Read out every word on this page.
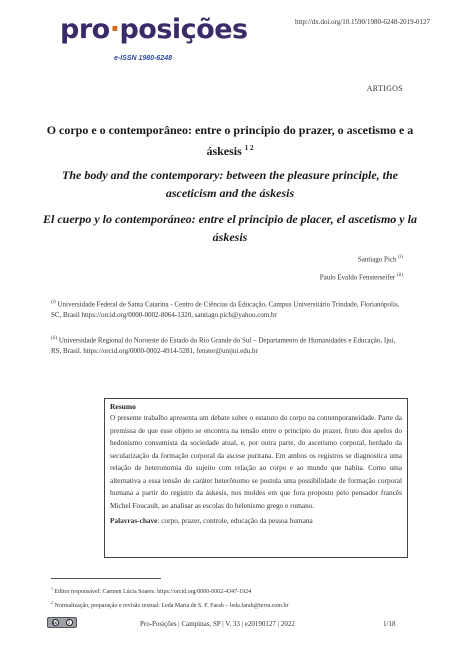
pro·posições
e-ISSN 1980-6248
http://dx.doi.org/10.1590/1980-6248-2019-0127
ARTIGOS
O corpo e o contemporâneo: entre o princípio do prazer, o ascetismo e a áskesis $^{1 2}$
The body and the contemporary: between the pleasure principle, the asceticism and the áskesis
El cuerpo y lo contemporáneo: entre el principio de placer, el ascetismo y la áskesis
Santiago Pich $^{(i)}$
Paulo Evaldo Fensterseifer $^{(ii)}$
$^{(i)}$ Universidade Federal de Santa Catarina - Centro de Ciências da Educação, Campus Universitário Trindade, Florianópolis, SC, Brasil https://orcid.org/0000-0002-8064-1320, santiago.pich@yahoo.com.br
$^{(ii)}$ Universidade Regional do Noroeste do Estado do Rio Grande do Sul – Departamento de Humanidades e Educação, Ijuí, RS, Brasil. https://orcid.org/0000-0002-4914-5281, fenster@unijui.edu.br
Resumo
O presente trabalho apresenta um debate sobre o estatuto do corpo na contemporaneidade. Parte da premissa de que esse objeto se encontra na tensão entre o princípio do prazer, fruto dos apelos do hedonismo consumista da sociedade atual, e, por outra parte, do ascetismo corporal, herdado da secularização da formação corporal da ascese puritana. Em ambos os registros se diagnostica uma relação de heteronomia do sujeito com relação ao corpo e ao mundo que habita. Como uma alternativa a essa tensão de caráter heterônomo se postula uma possibilidade de formação corporal humana a partir do registro da áskesis, nos moldes em que fora proposto pelo pensador francês Michel Foucault, ao analisar as escolas do helenismo grego e romano.
Palavras-chave: corpo, prazer, controle, educação da pessoa humana
$^1$ Editor responsável: Carmen Lúcia Soares. https://orcid.org/0000-0002-4347-1924
$^2$ Normalização, preparação e revisão textual: Leda Maria de S. F. Farah – leda.farah@terra.com.br
cc	i	Pro-Posições | Campinas, SP | V. 33 | e20190127 | 2022	1/18
